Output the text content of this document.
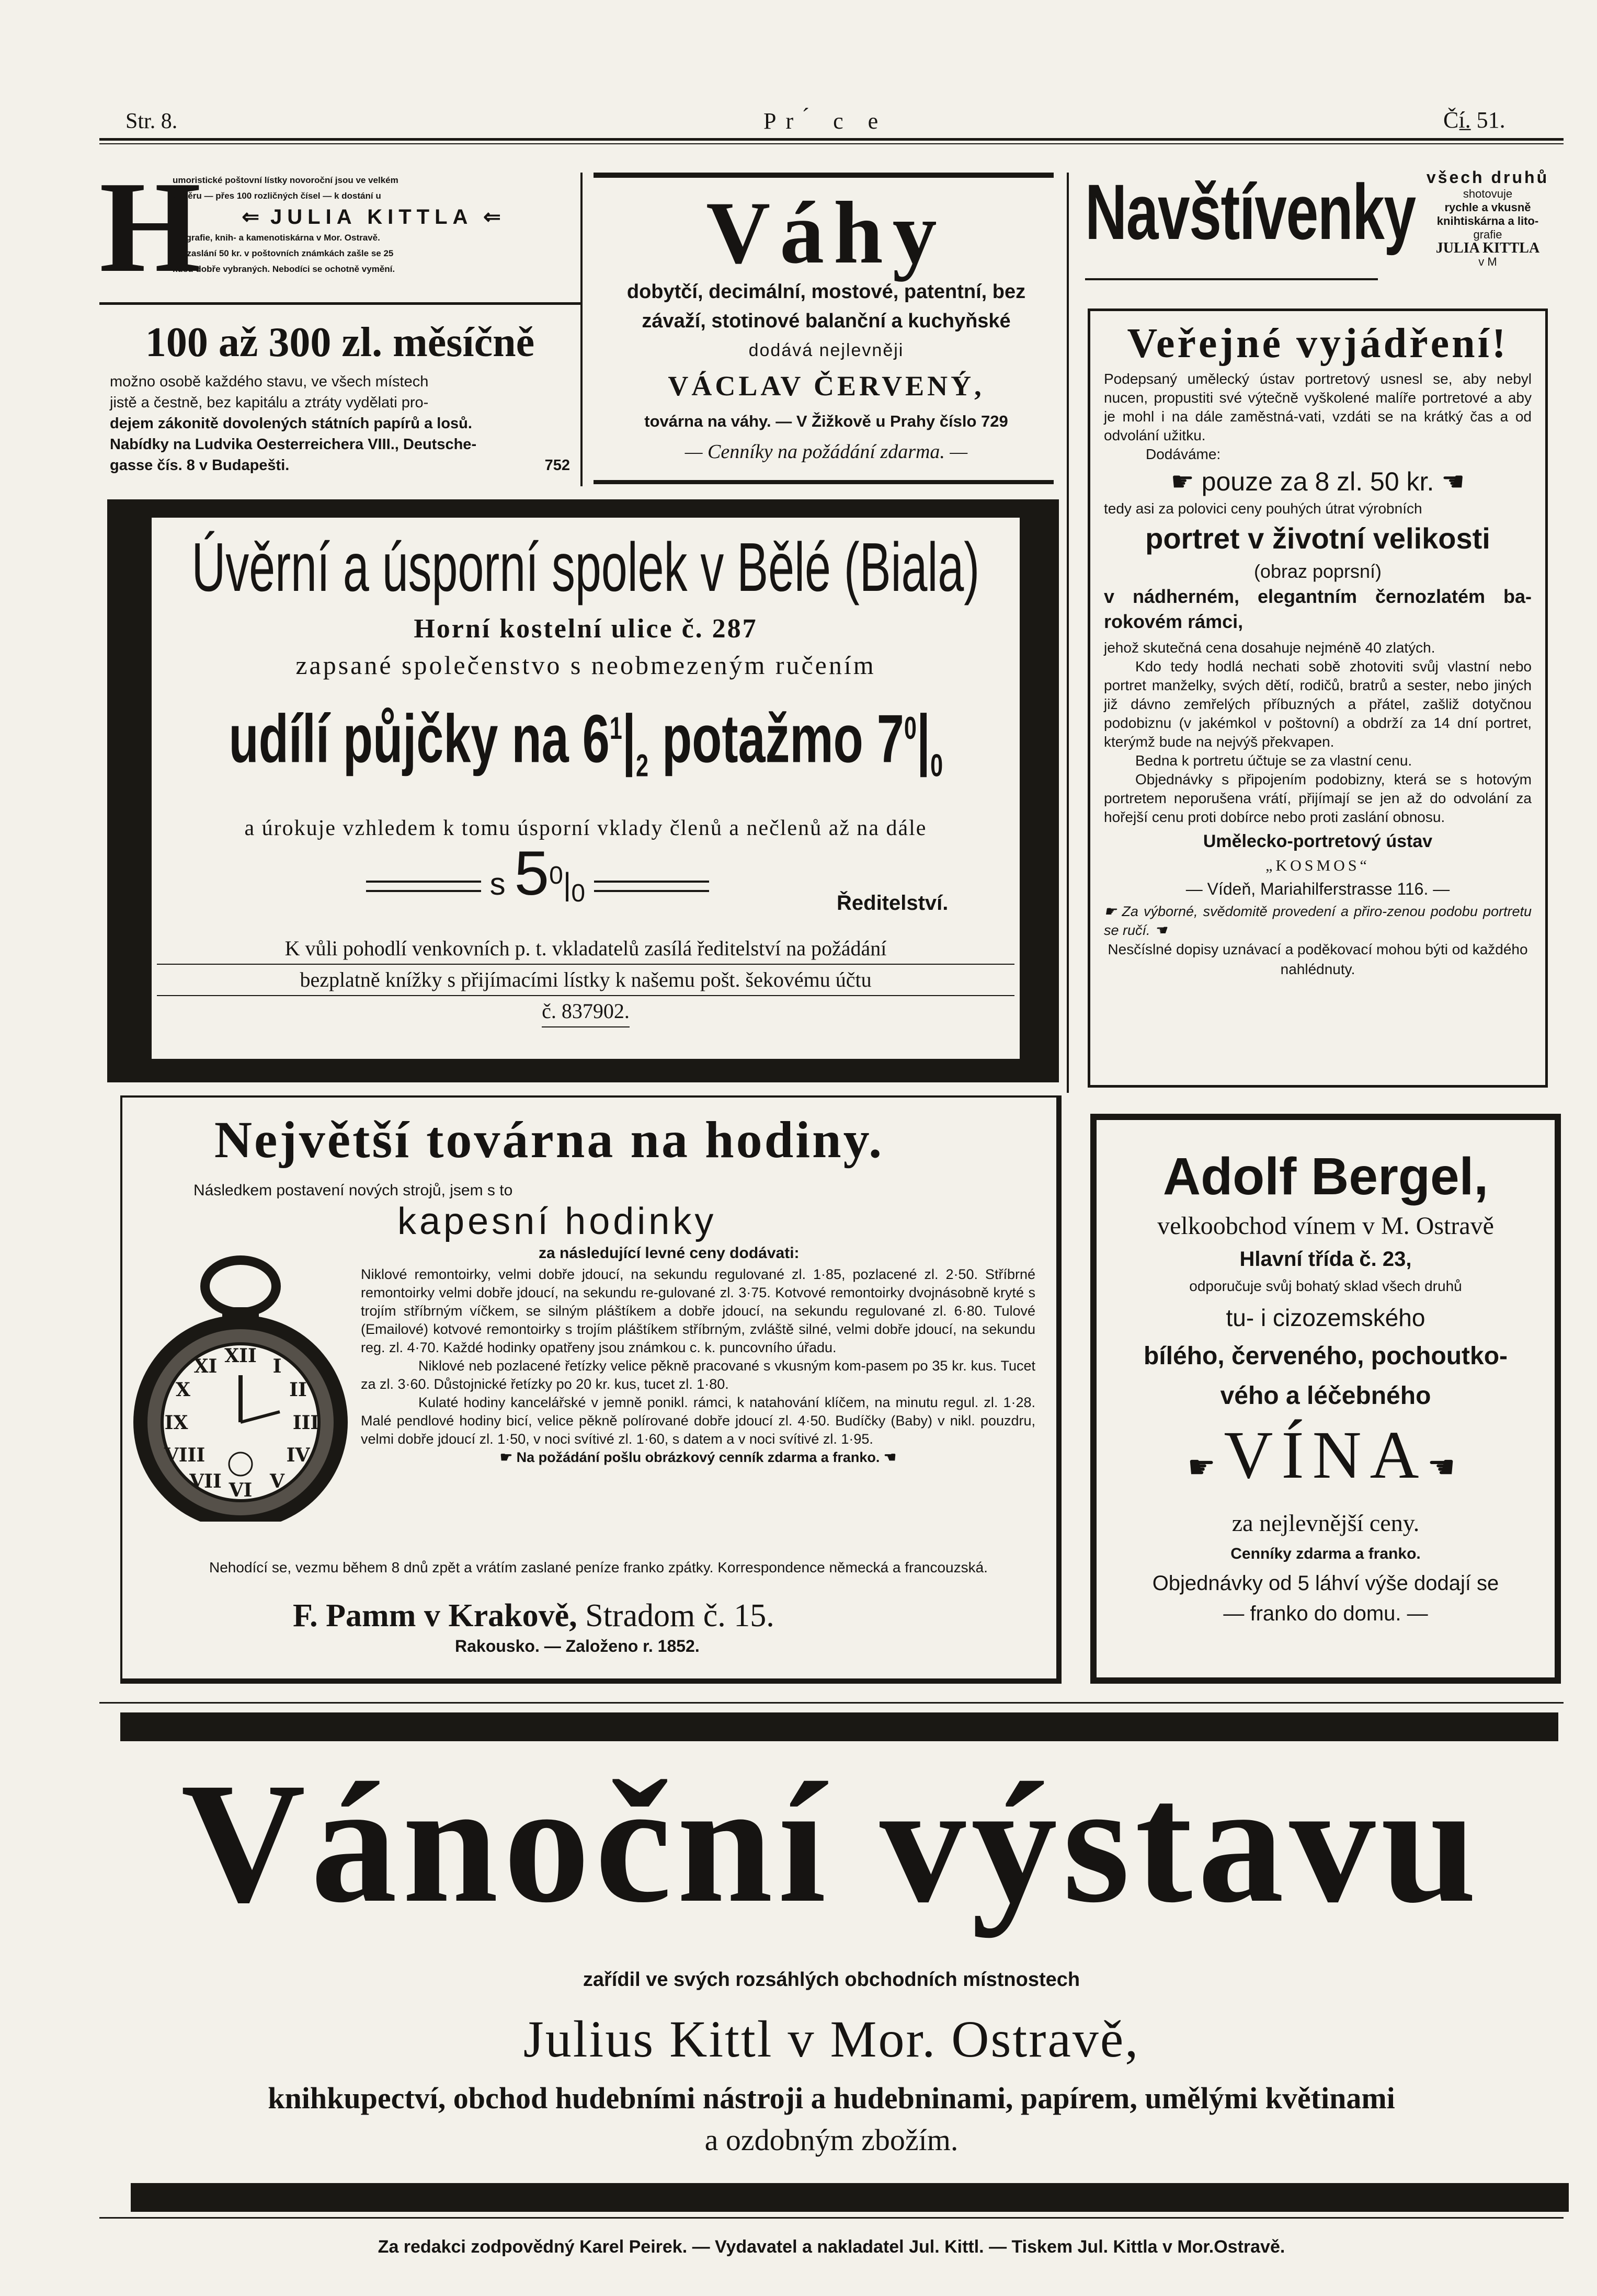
Str. 8.	Pr ́ c e	Čí̲. 51.
H

umoristické poštovní lístky novoroční jsou ve velkém

výběru — přes 100 rozličných čísel — k dostání u

⇐ JULIA KITTLA ⇐

litografie, knih- a kamenotiskárna v Mor. Ostravě.

Při zaslání 50 kr. v poštovních známkách zašle se 25

kusů dobře vybraných. Nebodíci se ochotně vymění.

100 až 300 zl. měsíčně

možno osobě každého stavu, ve všech místech

jistě a čestně, bez kapitálu a ztráty vydělati pro-

dejem zákonitě dovolených státních papírů a losů.

Nabídky na Ludvika Oesterreichera VIII., Deutsche-

gasse čís. 8 v Budapešti.	752

Váhy

dobytčí, decimální, mostové, patentní, bez

závaží, stotinové balanční a kuchyňské

dodává nejlevněji

VÁCLAV ČERVENÝ,

továrna na váhy. — V Žižkově u Prahy číslo 729

— Cenníky na požádání zdarma. —

Navštívenky všech druhů

shotovuje

rychle a vkusně

knihtiskárna a lito-

grafie

JULIA KITTLA

v M

Veřejné vyjádření!

Podepsaný umělecký ústav portretový usnesl se, aby nebyl nucen, propustiti své výtečně vyškolené malíře portretové a aby je mohl i na dále zaměstná-vati, vzdáti se na krátký čas a od odvolání užitku.

Dodáváme:

☛ pouze za 8 zl. 50 kr. ☚

tedy asi za polovici ceny pouhých útrat výrobních

portret v životní velikosti

(obraz poprsní)

v nádherném, elegantním černozlatém ba-rokovém rámci,

jehož skutečná cena dosahuje nejméně 40 zlatých.

Kdo tedy hodlá nechati sobě zhotoviti svůj vlastní nebo portret manželky, svých dětí, rodičů, bratrů a sester, nebo jiných již dávno zemřelých příbuzných a přátel, zašliž dotyčnou podobiznu (v jakémkol v poštovní) a obdrží za 14 dní portret, kterýmž bude na nejvýš překvapen.

Bedna k portretu účtuje se za vlastní cenu.

Objednávky s připojením podobizny, která se s hotovým portretem neporušena vrátí, přijímají se jen až do odvolání za hořejší cenu proti dobírce nebo proti zaslání obnosu.

Umělecko-portretový ústav

„KOSMOS“

— Vídeň, Mariahilferstrasse 116. —

☛ Za výborné, svědomitě provedení a přiro-zenou podobu portretu se ručí. ☚

Nesčíslné dopisy uznávací a poděkovací mohou býti od každého nahlédnuty.

Úvěrní a úsporní spolek v Bělé (Biala)

Horní kostelní ulice č. 287

zapsané společenstvo s neobmezeným ručením

udílí půjčky na $6^1|_2$ potažmo $7^0|_0$

a úrokuje vzhledem k tomu úsporní vklady členů a nečlenů až na dále

s $5^0|_0$	Ředitelství.

K vůli pohodlí venkovních p. t. vkladatelů zasílá ředitelství na požádání

bezplatně knížky s přijímacími lístky k našemu pošt. šekovému účtu

č. 837902.

Největší továrna na hodiny.
Následkem postavení nových strojů, jsem s to
kapesní hodinky
za následující levné ceny dodávati:
XII I
II
III
IV
V
VI
VII
VIII
IX
X
XI

Niklové remontoirky, velmi dobře jdoucí, na sekundu regulované zl. 1·85, pozlacené zl. 2·50. Stříbrné remontoirky velmi dobře jdoucí, na sekundu re-gulované zl. 3·75. Kotvové remontoirky dvojnásobně kryté s trojím stříbrným víčkem, se silným pláštíkem a dobře jdoucí, na sekundu regulované zl. 6·80. Tulové (Emailové) kotvové remontoirky s trojím pláštíkem stříbrným, zvláště silné, velmi dobře jdoucí, na sekundu reg. zl. 4·70. Každé hodinky opatřeny jsou známkou c. k. puncovního úřadu.

Niklové neb pozlacené řetízky velice pěkně pracované s vkusným kom-pasem po 35 kr. kus. Tucet za zl. 3·60. Důstojnické řetízky po 20 kr. kus, tucet zl. 1·80.

Kulaté hodiny kancelářské v jemně ponikl. rámci, k natahování klíčem, na minutu regul. zl. 1·28. Malé pendlové hodiny bicí, velice pěkně polírované dobře jdoucí zl. 4·50. Budíčky (Baby) v nikl. pouzdru, velmi dobře jdoucí zl. 1·50, v noci svítivé zl. 1·60, s datem a v noci svítivé zl. 1·95.

☛ Na požádání pošlu obrázkový cenník zdarma a franko. ☚

Nehodící se, vezmu během 8 dnů zpět a vrátím zaslané peníze franko zpátky. Korrespondence německá a francouzská.
F. Pamm v Krakově, Stradom č. 15.
Rakousko. — Založeno r. 1852.

Adolf Bergel,

velkoobchod vínem v M. Ostravě

Hlavní třída č. 23,

odporučuje svůj bohatý sklad všech druhů

tu- i cizozemského

bílého, červeného, pochoutko-

vého a léčebného

☛VÍNA☚

za nejlevnější ceny.

Cenníky zdarma a franko.

Objednávky od 5 láhví výše dodají se

— franko do domu. —

Vánoční výstavu
zařídil ve svých rozsáhlých obchodních místnostech
Julius Kittl v Mor. Ostravě,
knihkupectví, obchod hudebními nástroji a hudebninami, papírem, umělými květinami
a ozdobným zbožím.
Za redakci zodpovědný Karel Peirek. — Vydavatel a nakladatel Jul. Kittl. — Tiskem Jul. Kittla v Mor.Ostravě.
